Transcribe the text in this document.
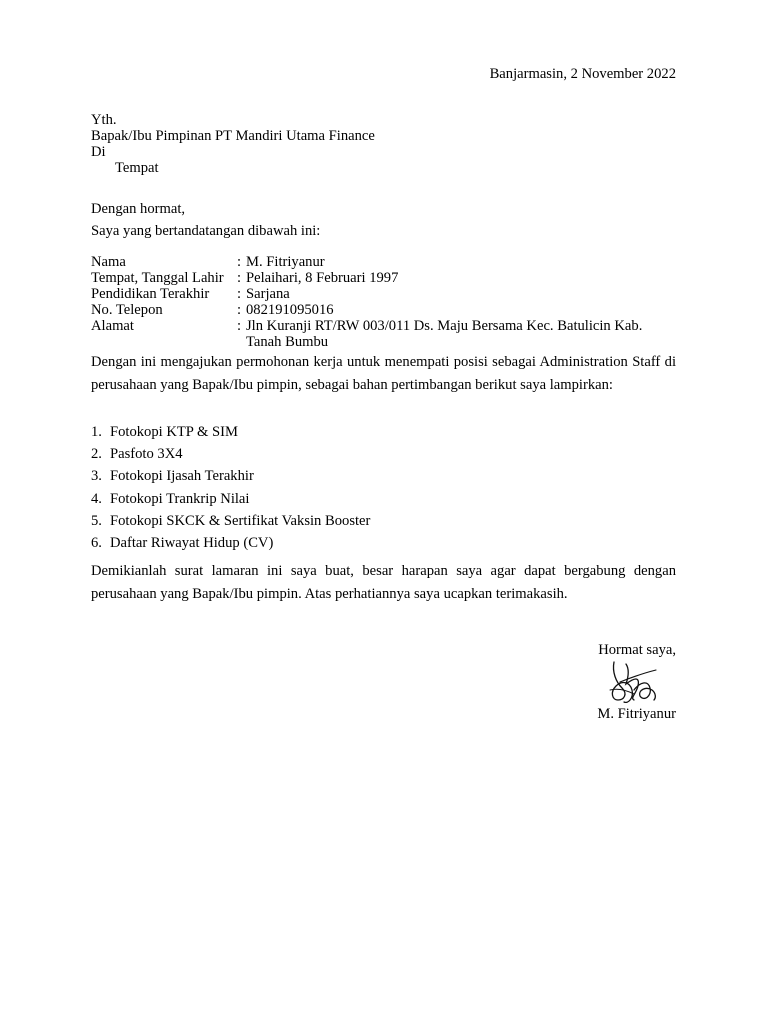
Banjarmasin, 2 November 2022
Yth.
Bapak/Ibu Pimpinan PT Mandiri Utama Finance
Di
Tempat
Dengan hormat,
Saya yang bertandatangan dibawah ini:
Nama	: M. Fitriyanur
Tempat, Tanggal Lahir : Pelaihari, 8 Februari 1997
Pendidikan Terakhir	: Sarjana
No. Telepon	: 082191095016
Alamat	: Jln Kuranji RT/RW 003/011 Ds. Maju Bersama Kec. Batulicin Kab. Tanah Bumbu
Dengan ini mengajukan permohonan kerja untuk menempati posisi sebagai Administration Staff di perusahaan yang Bapak/Ibu pimpin, sebagai bahan pertimbangan berikut saya lampirkan:
1. Fotokopi KTP & SIM
2. Pasfoto 3X4
3. Fotokopi Ijasah Terakhir
4. Fotokopi Trankrip Nilai
5. Fotokopi SKCK & Sertifikat Vaksin Booster
6. Daftar Riwayat Hidup (CV)
Demikianlah surat lamaran ini saya buat, besar harapan saya agar dapat bergabung dengan perusahaan yang Bapak/Ibu pimpin. Atas perhatiannya saya ucapkan terimakasih.
Hormat saya,
M. Fitriyanur
